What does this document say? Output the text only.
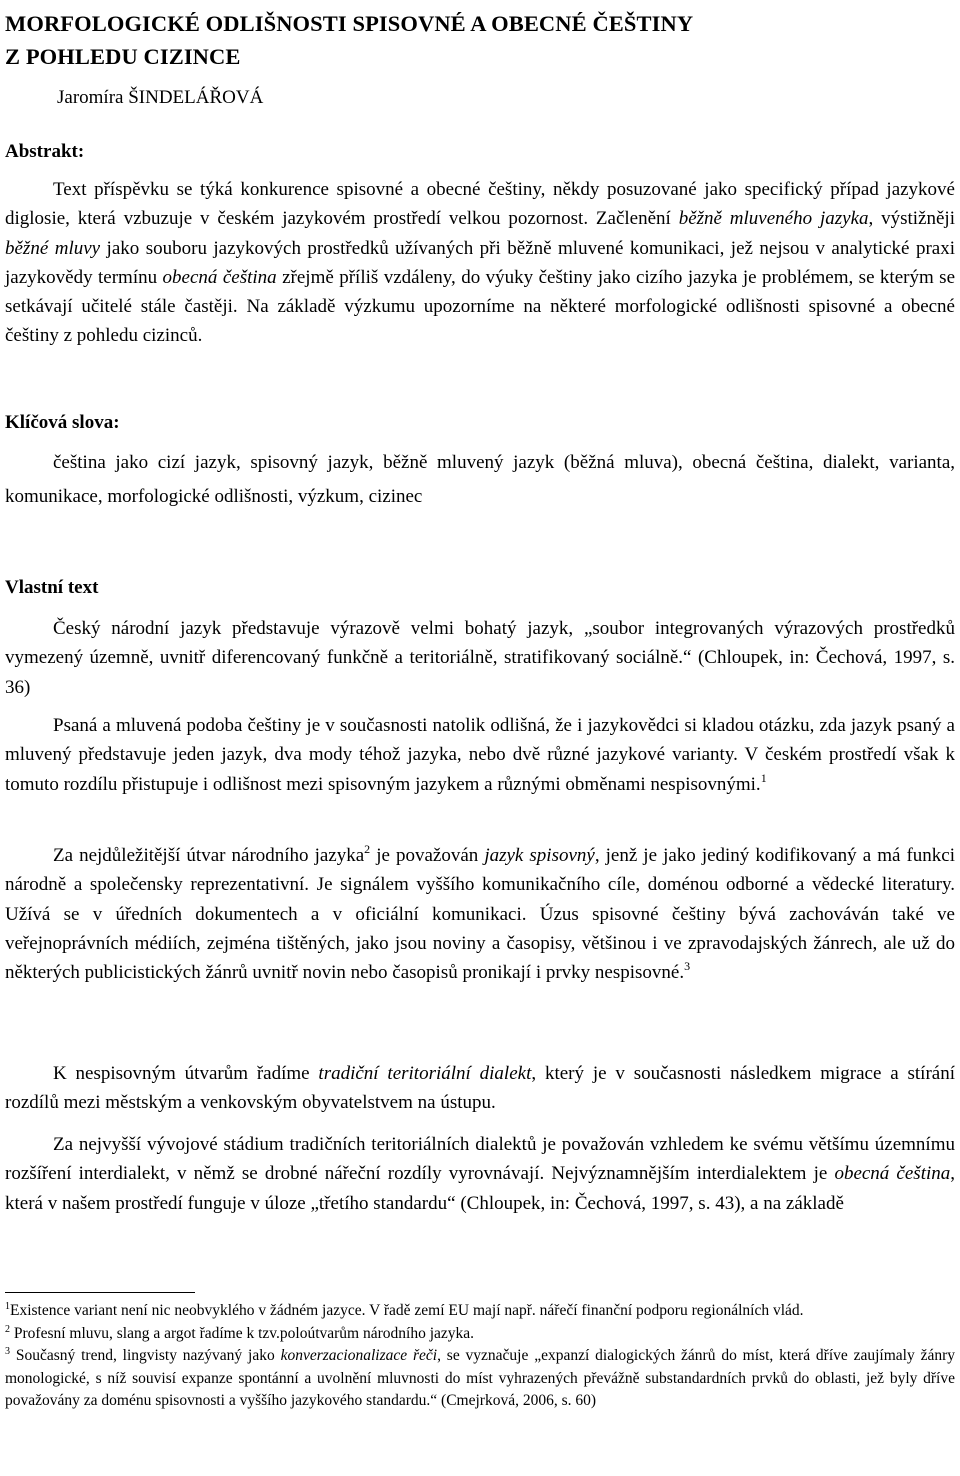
MORFOLOGICKÉ ODLIŠNOSTI SPISOVNÉ A OBECNÉ ČEŠTINY
Z POHLEDU CIZINCE
Jaromíra ŠINDELÁŘOVÁ
Abstrakt:
Text příspěvku se týká konkurence spisovné a obecné češtiny, někdy posuzované jako specifický případ jazykové diglosie, která vzbuzuje v českém jazykovém prostředí velkou pozornost. Začlenění běžně mluveného jazyka, výstižněji běžné mluvy jako souboru jazykových prostředků užívaných při běžně mluvené komunikaci, jež nejsou v analytické praxi jazykovědy termínu obecná čeština zřejmě příliš vzdáleny, do výuky češtiny jako cizího jazyka je problémem, se kterým se setkávají učitelé stále častěji. Na základě výzkumu upozorníme na některé morfologické odlišnosti spisovné a obecné češtiny z pohledu cizinců.
Klíčová slova:
čeština jako cizí jazyk, spisovný jazyk, běžně mluvený jazyk (běžná mluva), obecná čeština, dialekt, varianta, komunikace, morfologické odlišnosti, výzkum, cizinec
Vlastní text
Český národní jazyk představuje výrazově velmi bohatý jazyk, „soubor integrovaných výrazových prostředků vymezený územně, uvnitř diferencovaný funkčně a teritoriálně, stratifikovaný sociálně.“ (Chloupek, in: Čechová, 1997, s. 36)
Psaná a mluvená podoba češtiny je v současnosti natolik odlišná, že i jazykovědci si kladou otázku, zda jazyk psaný a mluvený představuje jeden jazyk, dva mody téhož jazyka, nebo dvě různé jazykové varianty. V českém prostředí však k tomuto rozdílu přistupuje i odlišnost mezi spisovným jazykem a různými obměnami nespisovnými.$^1$
Za nejdůležitější útvar národního jazyka$^2$ je považován jazyk spisovný, jenž je jako jediný kodifikovaný a má funkci národně a společensky reprezentativní. Je signálem vyššího komunikačního cíle, doménou odborné a vědecké literatury. Užívá se v úředních dokumentech a v oficiální komunikaci. Úzus spisovné češtiny bývá zachováván také ve veřejnoprávních médiích, zejména tištěných, jako jsou noviny a časopisy, většinou i ve zpravodajských žánrech, ale už do některých publicistických žánrů uvnitř novin nebo časopisů pronikají i prvky nespisovné.$^3$
K nespisovným útvarům řadíme tradiční teritoriální dialekt, který je v současnosti následkem migrace a stírání rozdílů mezi městským a venkovským obyvatelstvem na ústupu.
Za nejvyšší vývojové stádium tradičních teritoriálních dialektů je považován vzhledem ke svému většímu územnímu rozšíření interdialekt, v němž se drobné nářeční rozdíly vyrovnávají. Nejvýznamnějším interdialektem je obecná čeština, která v našem prostředí funguje v úloze „třetího standardu“ (Chloupek, in: Čechová, 1997, s. 43), a na základě

$^1$Existence variant není nic neobvyklého v žádném jazyce. V řadě zemí EU mají např. nářečí finanční podporu regionálních vlád.

$^2$ Profesní mluvu, slang a argot řadíme k tzv.poloútvarům národního jazyka.

$^3$ Současný trend, lingvisty nazývaný jako konverzacionalizace řeči, se vyznačuje „expanzí dialogických žánrů do míst, která dříve zaujímaly žánry monologické, s níž souvisí expanze spontánní a uvolnění mluvnosti do míst vyhrazených převážně substandardních prvků do oblasti, jež byly dříve považovány za doménu spisovnosti a vyššího jazykového standardu.“ (Cmejrková, 2006, s. 60)
